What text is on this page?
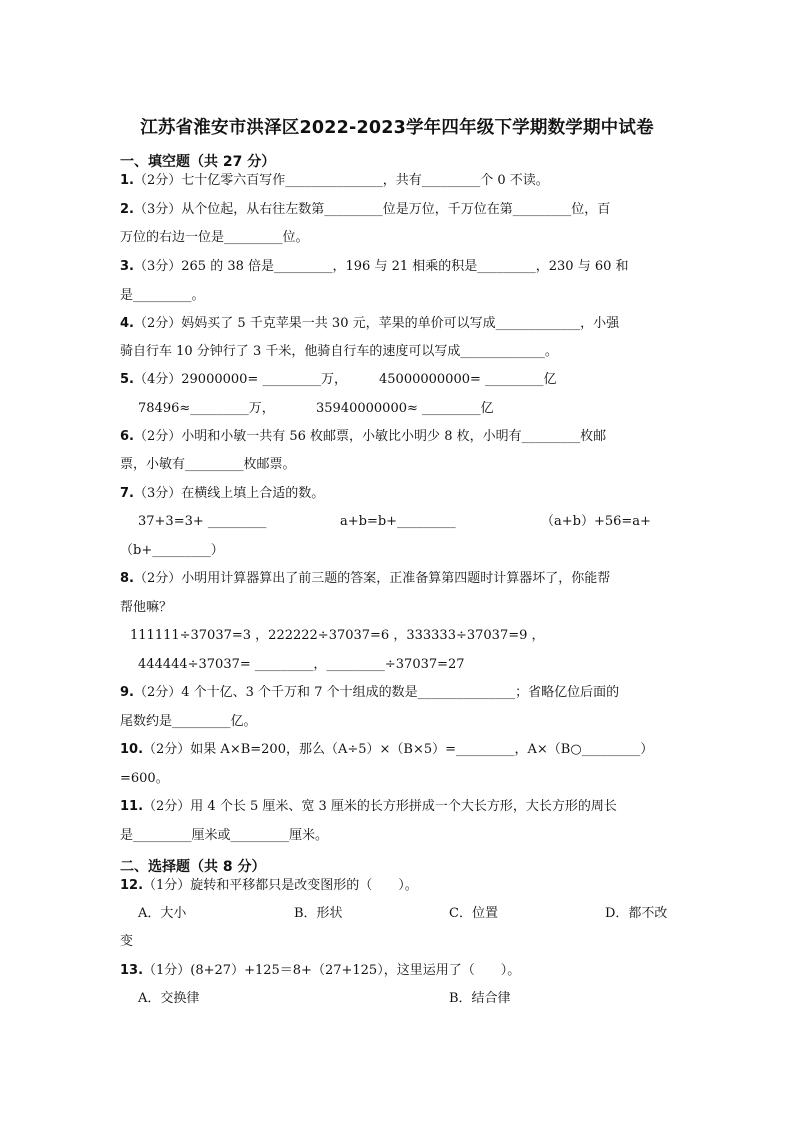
江苏省淮安市洪泽区2022-2023学年四年级下学期数学期中试卷
一、填空题（共 27 分）
1.（2分）七十亿零六百写作_______________，共有_________个 0 不读。
2.（3分）从个位起，从右往左数第_________位是万位，千万位在第_________位，百
万位的右边一位是_________位。
3.（3分）265 的 38 倍是_________，196 与 21 相乘的积是_________，230 与 60 和
是_________。
4.（2分）妈妈买了 5 千克苹果一共 30 元，苹果的单价可以写成_____________，小强
骑自行车 10 分钟行了 3 千米，他骑自行车的速度可以写成_____________。
5.（4分）29000000= _________万， 45000000000= _________亿
78496≈_________万，	35940000000≈ _________亿
6.（2分）小明和小敏一共有 56 枚邮票，小敏比小明少 8 枚，小明有_________枚邮
票，小敏有_________枚邮票。
7.（3分）在横线上填上合适的数。
37+3=3+ _________	a+b=b+_________	（a+b）+56=a+
（b+_________）
8.（2分）小明用计算器算出了前三题的答案，正准备算第四题时计算器坏了，你能帮
帮他嘛？
111111÷37037=3 ，222222÷37037=6 ，333333÷37037=9 ，
444444÷37037= _________，_________÷37037=27
9.（2分）4 个十亿、3 个千万和 7 个十组成的数是_______________；省略亿位后面的
尾数约是_________亿。
10.（2分）如果 A×B=200，那么（A÷5）×（B×5）=_________，A×（B○_________）
=600。
11.（2分）用 4 个长 5 厘米、宽 3 厘米的长方形拼成一个大长方形，大长方形的周长
是_________厘米或_________厘米。
二、选择题（共 8 分）
12.（1分）旋转和平移都只是改变图形的（　　）。
A．大小	B．形状	C．位置	D．都不改
变
13.（1分）(8+27）+125＝8+（27+125），这里运用了（　　）。
A．交换律	B．结合律
